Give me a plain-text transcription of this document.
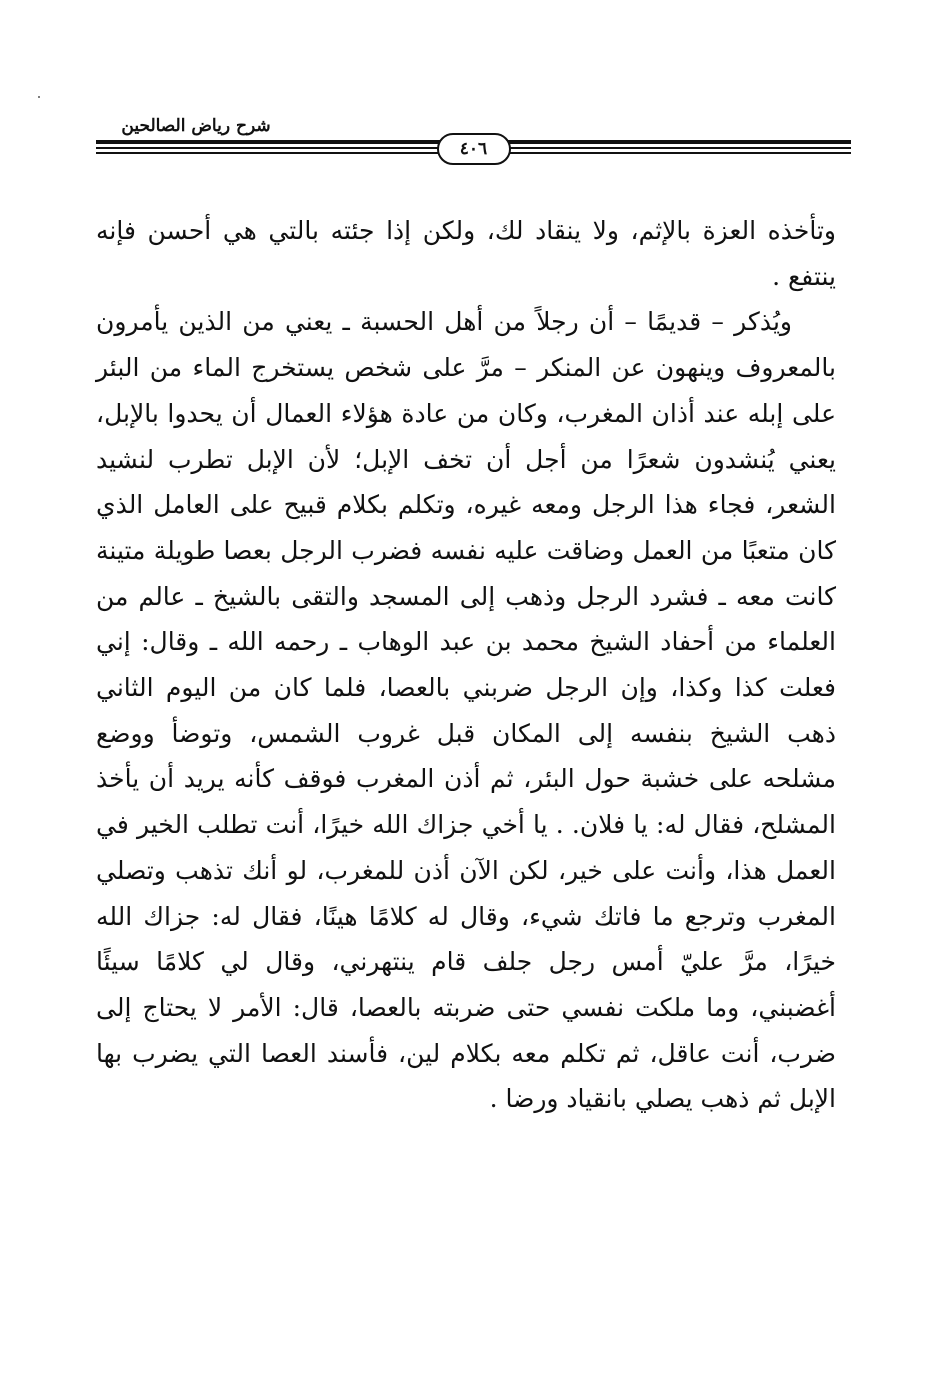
شرح رياض الصالحين
٤٠٦

وتأخذه العزة بالإثم، ولا ينقاد لك، ولكن إذا جئته بالتي هي أحسن فإنه ينتفع .

ويُذكر – قديمًا – أن رجلاً من أهل الحسبة ـ يعني من الذين يأمرون بالمعروف وينهون عن المنكر – مرَّ على شخص يستخرج الماء من البئر على إبله عند أذان المغرب، وكان من عادة هؤلاء العمال أن يحدوا بالإبل، يعني يُنشدون شعرًا من أجل أن تخف الإبل؛ لأن الإبل تطرب لنشيد الشعر، فجاء هذا الرجل ومعه غيره، وتكلم بكلام قبيح على العامل الذي كان متعبًا من العمل وضاقت عليه نفسه فضرب الرجل بعصا طويلة متينة كانت معه ـ فشرد الرجل وذهب إلى المسجد والتقى بالشيخ ـ عالم من العلماء من أحفاد الشيخ محمد بن عبد الوهاب ـ رحمه الله ـ وقال: إني فعلت كذا وكذا، وإن الرجل ضربني بالعصا، فلما كان من اليوم الثاني ذهب الشيخ بنفسه إلى المكان قبل غروب الشمس، وتوضأ ووضع مشلحه على خشبة حول البئر، ثم أذن المغرب فوقف كأنه يريد أن يأخذ المشلح، فقال له: يا فلان. . يا أخي جزاك الله خيرًا، أنت تطلب الخير في العمل هذا، وأنت على خير، لكن الآن أذن للمغرب، لو أنك تذهب وتصلي المغرب وترجع ما فاتك شيء، وقال له كلامًا هينًا، فقال له: جزاك الله خيرًا، مرَّ عليّ أمس رجل جلف قام ينتهرني، وقال لي كلامًا سيئًا أغضبني، وما ملكت نفسي حتى ضربته بالعصا، قال: الأمر لا يحتاج إلى ضرب، أنت عاقل، ثم تكلم معه بكلام لين، فأسند العصا التي يضرب بها الإبل ثم ذهب يصلي بانقياد ورضا .
